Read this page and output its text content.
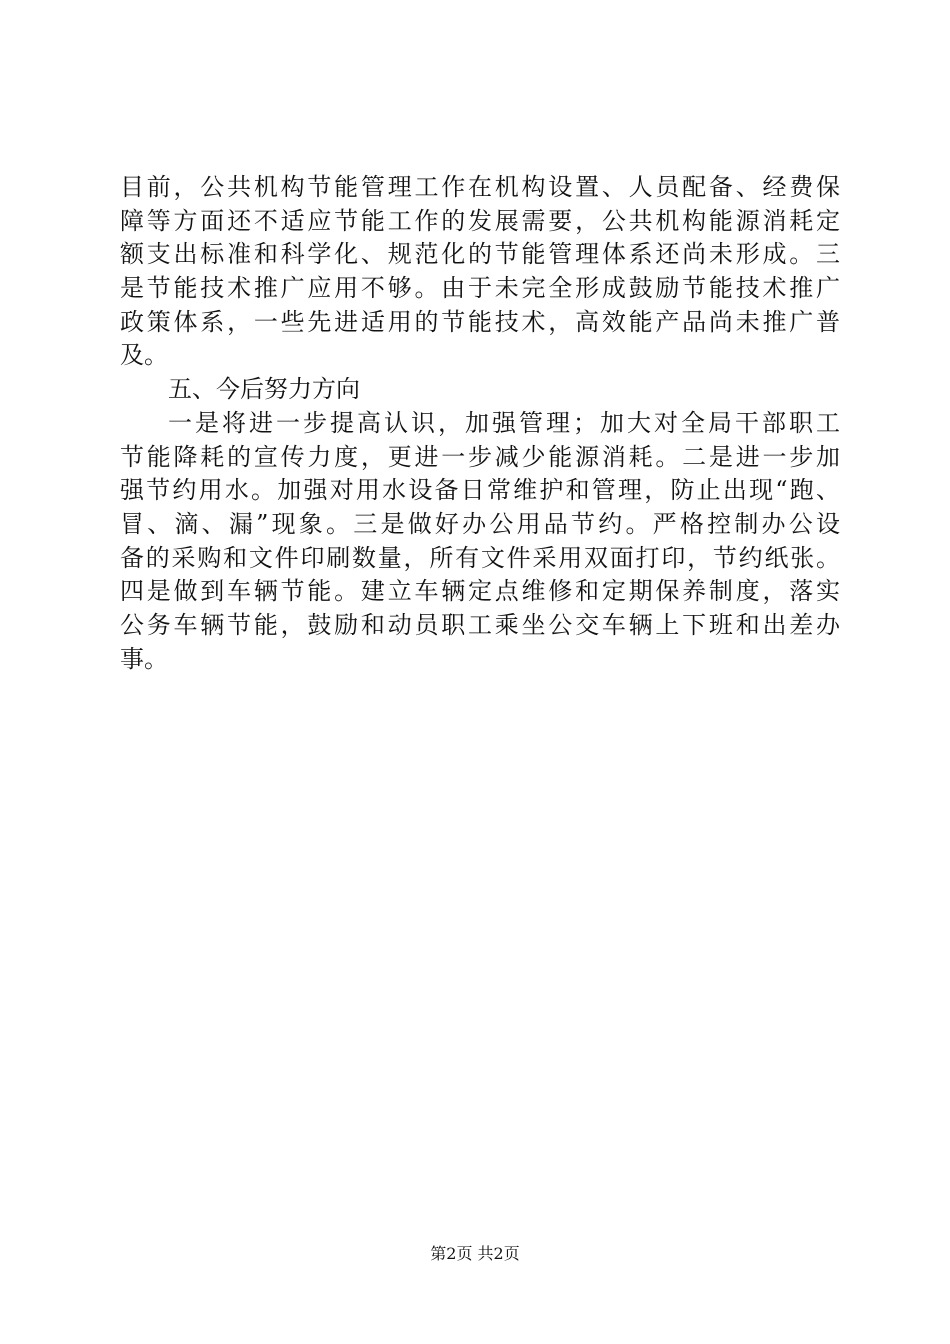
目前，公共机构节能管理工作在机构设置、人员配备、经费保
障等方面还不适应节能工作的发展需要，公共机构能源消耗定
额支出标准和科学化、规范化的节能管理体系还尚未形成。三
是节能技术推广应用不够。由于未完全形成鼓励节能技术推广
政策体系，一些先进适用的节能技术，高效能产品尚未推广普
及。
五、今后努力方向
一是将进一步提高认识，加强管理；加大对全局干部职工
节能降耗的宣传力度，更进一步减少能源消耗。二是进一步加
强节约用水。加强对用水设备日常维护和管理，防止出现“跑、
冒、滴、漏”现象。三是做好办公用品节约。严格控制办公设
备的采购和文件印刷数量，所有文件采用双面打印，节约纸张。
四是做到车辆节能。建立车辆定点维修和定期保养制度，落实
公务车辆节能，鼓励和动员职工乘坐公交车辆上下班和出差办
事。
第2页 共2页
